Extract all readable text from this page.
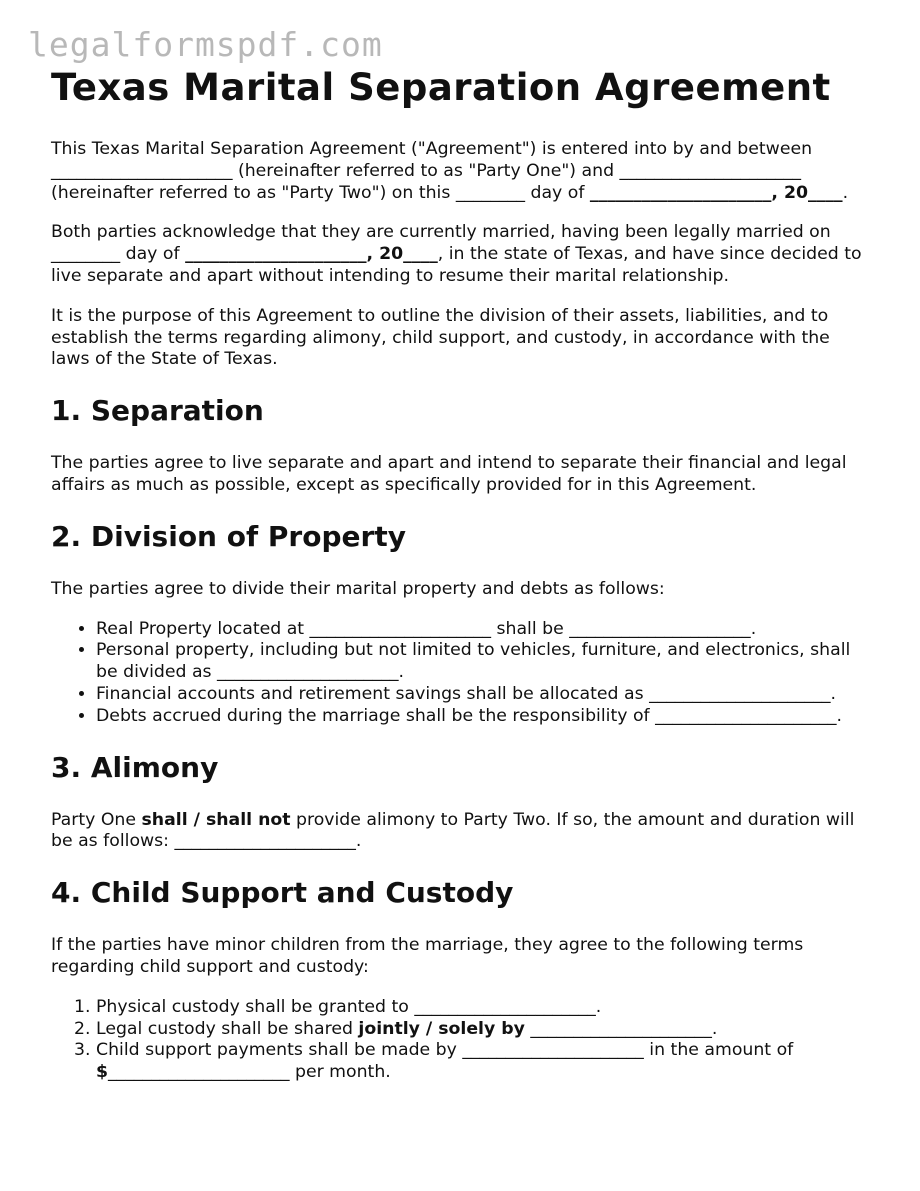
legalformspdf.com
Texas Marital Separation Agreement

This Texas Marital Separation Agreement ("Agreement") is entered into by and between _____________________ (hereinafter referred to as "Party One") and _____________________ (hereinafter referred to as "Party Two") on this ________ day of _____________________, 20____.

Both parties acknowledge that they are currently married, having been legally married on ________ day of _____________________, 20____, in the state of Texas, and have since decided to live separate and apart without intending to resume their marital relationship.

It is the purpose of this Agreement to outline the division of their assets, liabilities, and to establish the terms regarding alimony, child support, and custody, in accordance with the laws of the State of Texas.

1. Separation

The parties agree to live separate and apart and intend to separate their financial and legal affairs as much as possible, except as specifically provided for in this Agreement.

2. Division of Property

The parties agree to divide their marital property and debts as follows:

• Real Property located at _____________________ shall be _____________________.
• Personal property, including but not limited to vehicles, furniture, and electronics, shall be divided as _____________________.
• Financial accounts and retirement savings shall be allocated as _____________________.
• Debts accrued during the marriage shall be the responsibility of _____________________.
3. Alimony

Party One shall / shall not provide alimony to Party Two. If so, the amount and duration will be as follows: _____________________.

4. Child Support and Custody

If the parties have minor children from the marriage, they agree to the following terms regarding child support and custody:

1. Physical custody shall be granted to _____________________.
2. Legal custody shall be shared jointly / solely by _____________________.
3. Child support payments shall be made by _____________________ in the amount of $_____________________ per month.
